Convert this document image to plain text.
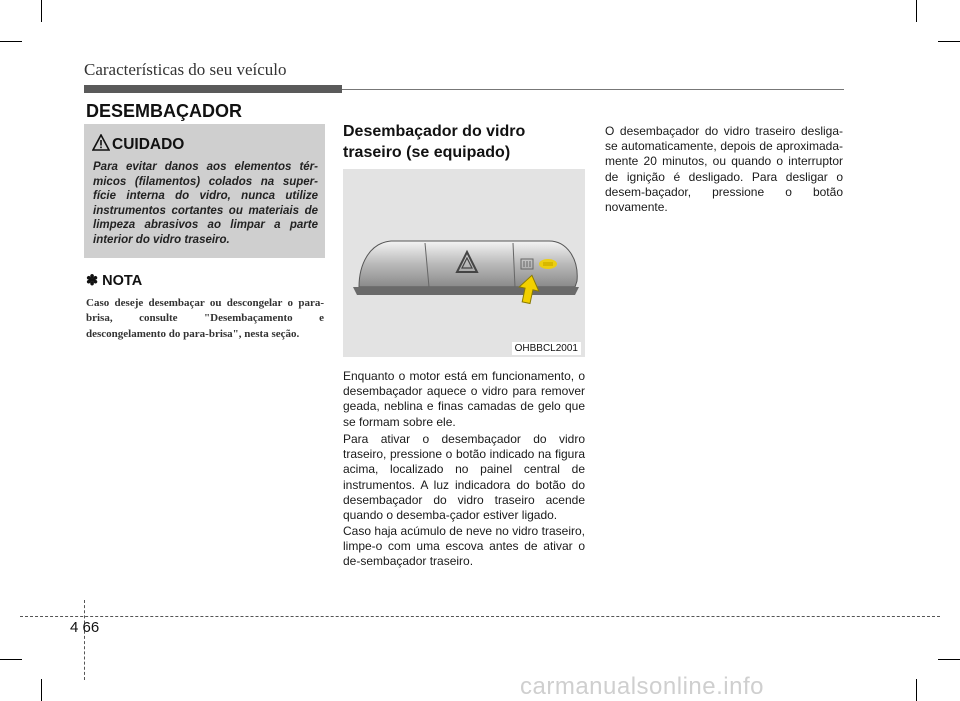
Características do seu veículo
DESEMBAÇADOR
CUIDADO
Para evitar danos aos elementos tér-micos (filamentos) colados na super-fície interna do vidro, nunca utilize instrumentos cortantes ou materiais de limpeza abrasivos ao limpar a parte interior do vidro traseiro.
✽ NOTA
Caso deseje desembaçar ou descongelar o para-brisa, consulte "Desembaçamento e descongelamento do para-brisa", nesta seção.
Desembaçador do vidro traseiro (se equipado)
OHBBCL2001
Enquanto o motor está em funcionamento, o desembaçador aquece o vidro para remover geada, neblina e finas camadas de gelo que se formam sobre ele.
Para ativar o desembaçador do vidro traseiro, pressione o botão indicado na figura acima, localizado no painel central de instrumentos. A luz indicadora do botão do desembaçador do vidro traseiro acende quando o desemba-çador estiver ligado.
Caso haja acúmulo de neve no vidro traseiro, limpe-o com uma escova antes de ativar o de-sembaçador traseiro.
O desembaçador do vidro traseiro desliga-se automaticamente, depois de aproximada-mente 20 minutos, ou quando o interruptor de ignição é desligado. Para desligar o desem-baçador, pressione o botão novamente.
4 66
carmanualsonline.info
